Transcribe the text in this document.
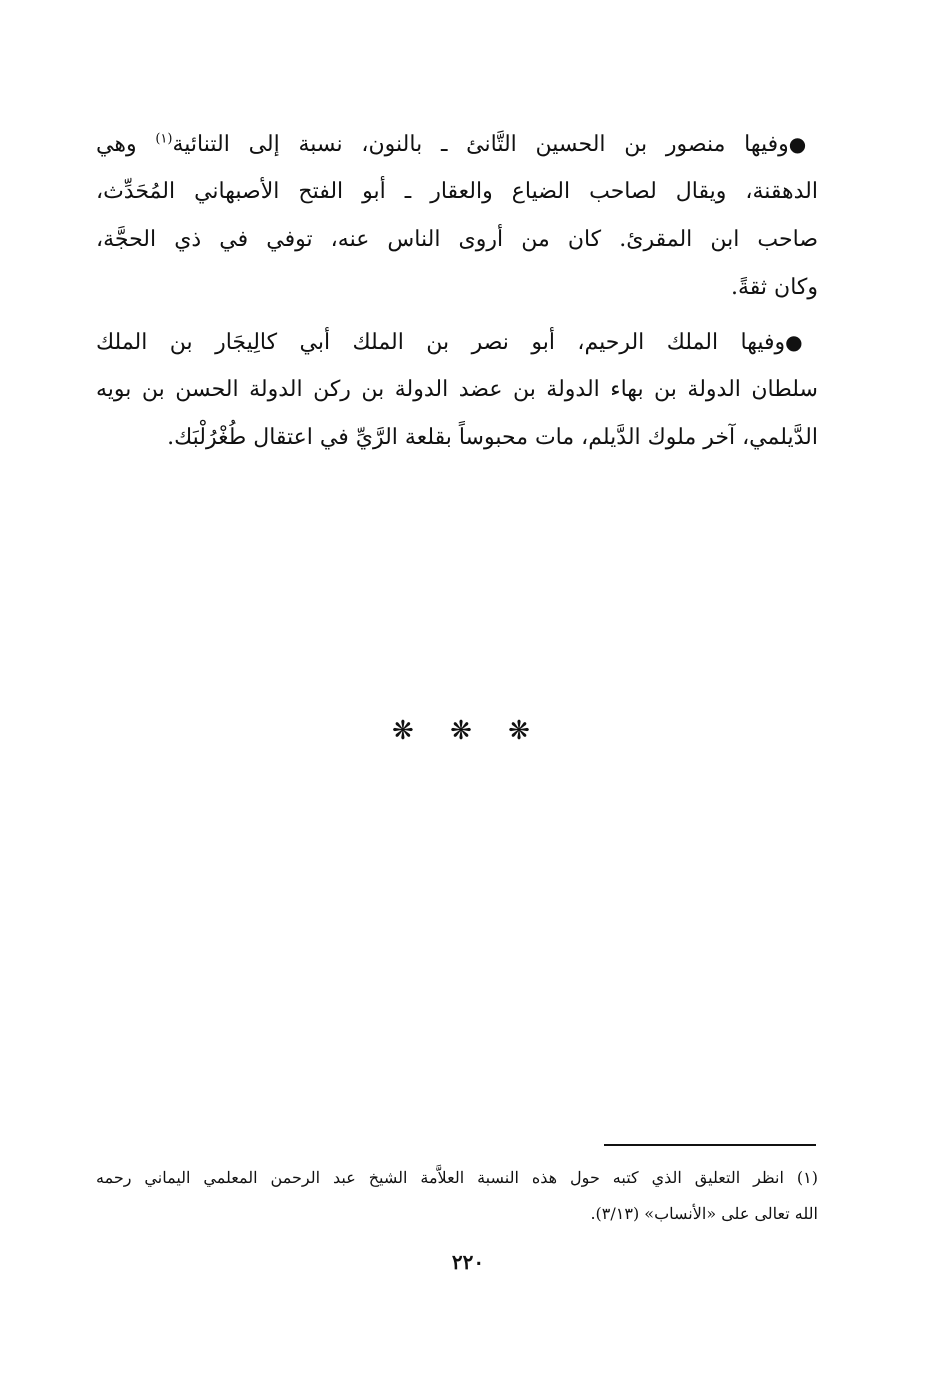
●وفيها منصور بن الحسين التَّانئ ـ بالنون، نسبة إلى التنائية$^{(١)}$ وهي
الدهقنة، ويقال لصاحب الضياع والعقار ـ أبو الفتح الأصبهاني المُحَدِّث،
صاحب ابن المقرئ. كان من أروى الناس عنه، توفي في ذي الحجَّة،
وكان ثقةً.
●وفيها الملك الرحيم، أبو نصر بن الملك أبي كالِيجَار بن الملك
سلطان الدولة بن بهاء الدولة بن عضد الدولة بن ركن الدولة الحسن بن بويه
الدَّيلمي، آخر ملوك الدَّيلم، مات محبوساً بقلعة الرَّيِّ في اعتقال طُغْرُلْبَك.
❋ ❋ ❋
(١) انظر التعليق الذي كتبه حول هذه النسبة العلاَّمة الشيخ عبد الرحمن المعلمي اليماني رحمه
الله تعالى على «الأنساب» (٣/١٣).
٢٢٠
